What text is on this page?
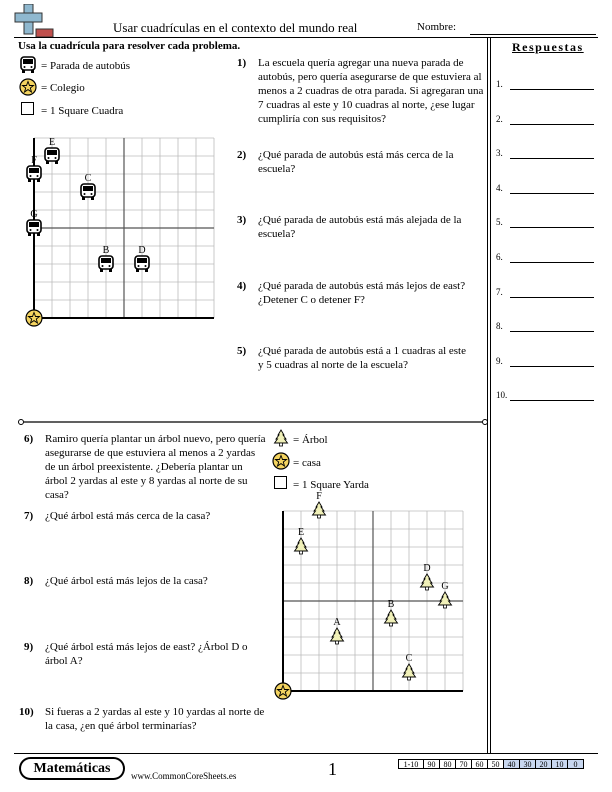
Usar cuadrículas en el contexto del mundo real	Nombre:
Usa la cuadrícula para resolver cada problema.
= Parada de autobús
= Colegio
= 1 Square Cuadra
E
F
C
G
D
B
1) La escuela quería agregar una nueva parada de autobús, pero quería asegurarse de que estuviera al menos a 2 cuadras de otra parada. Si agregaran una 7 cuadras al este y 10 cuadras al norte, ¿ese lugar cumpliría con sus requisitos?
2) ¿Qué parada de autobús está más cerca de la escuela?
3) ¿Qué parada de autobús está más alejada de la escuela?
4) ¿Qué parada de autobús está más lejos de east? ¿Detener C o detener F?
5) ¿Qué parada de autobús está a 1 cuadras al este y 5 cuadras al norte de la escuela?
6) Ramiro quería plantar un árbol nuevo, pero quería asegurarse de que estuviera al menos a 2 yardas de un árbol preexistente. ¿Debería plantar un árbol 2 yardas al este y 8 yardas al norte de su casa?
7) ¿Qué árbol está más cerca de la casa?
8) ¿Qué árbol está más lejos de la casa?
9) ¿Qué árbol está más lejos de east? ¿Árbol D o árbol A?
10) Si fueras a 2 yardas al este y 10 yardas al norte de la casa, ¿en qué árbol terminarías?
= Árbol
= casa
= 1 Square Yarda
F
E
D
G
B
A
C
Respuestas
1.
2.
3.
4.
5.
6.
7.
8.
9.
10.
Matemáticas	www.CommonCoreSheets.es	1	1-10	90	80	70	60	50	40	30	20	10	0
